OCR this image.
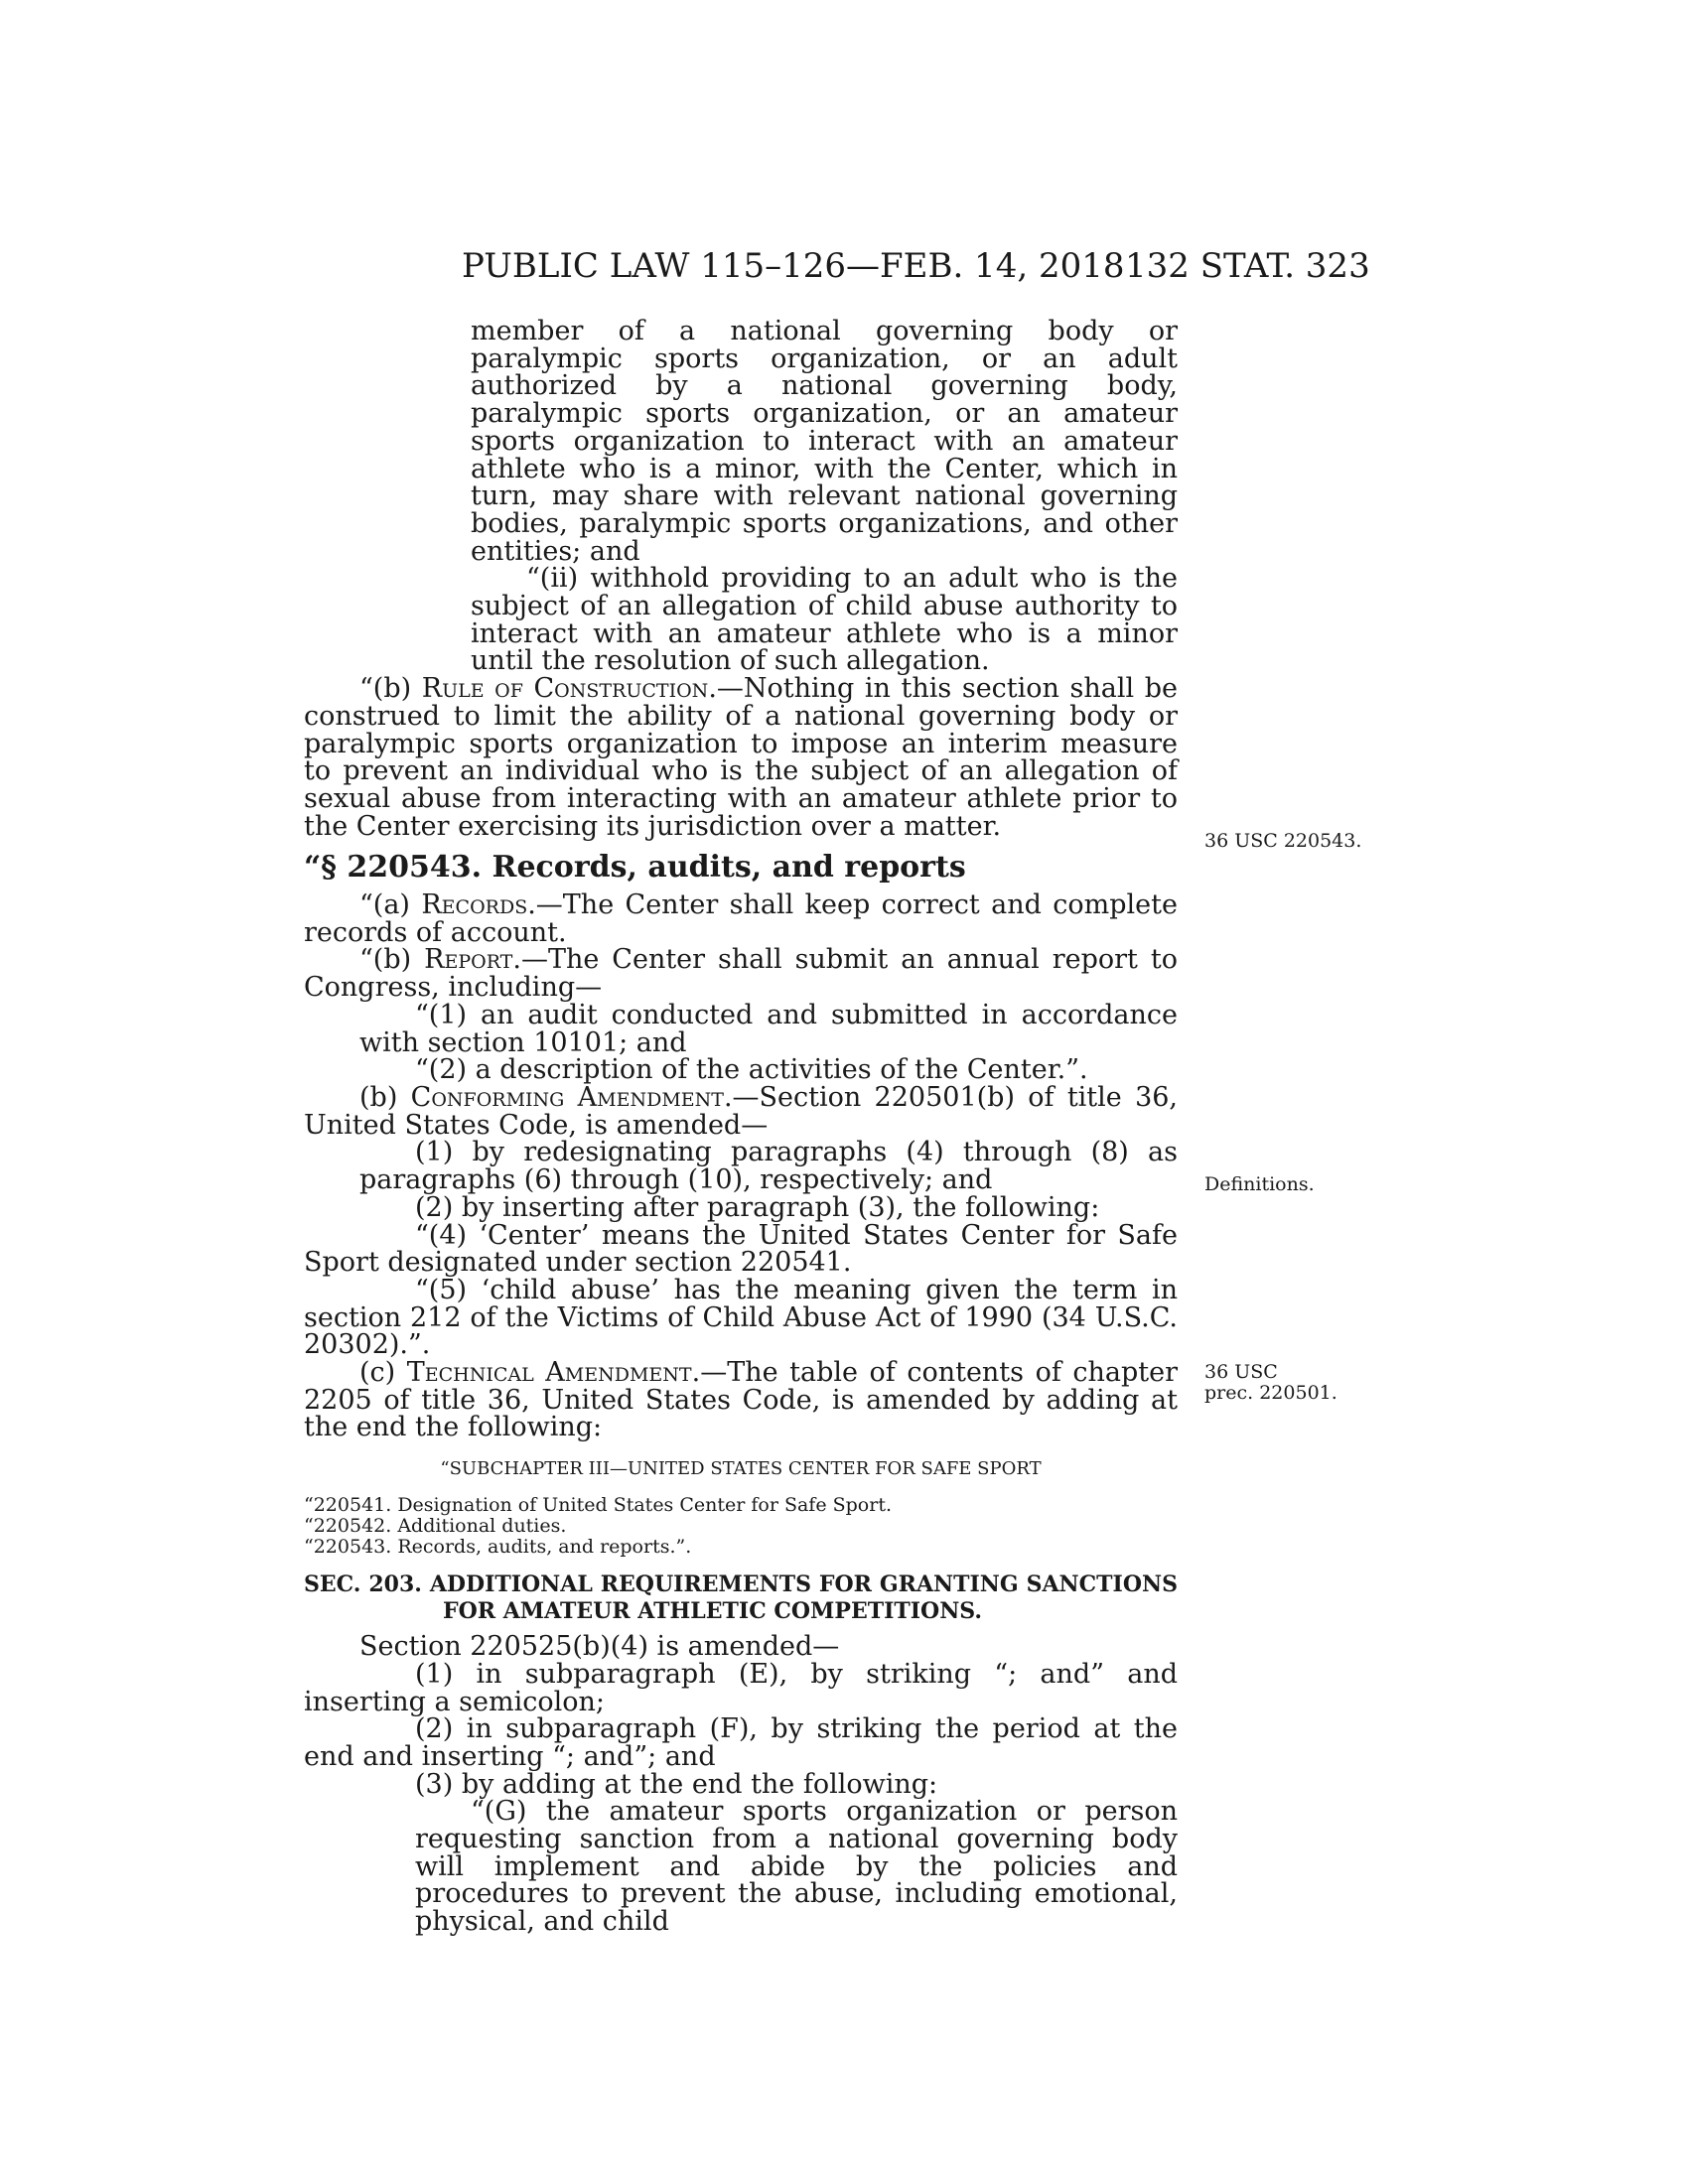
PUBLIC LAW 115–126—FEB. 14, 2018 132 STAT. 323

member of a national governing body or paralympic sports organization, or an adult authorized by a national governing body, paralympic sports organization, or an amateur sports organization to interact with an amateur athlete who is a minor, with the Center, which in turn, may share with relevant national governing bodies, paralympic sports organizations, and other entities; and

“(ii) withhold providing to an adult who is the subject of an allegation of child abuse authority to interact with an amateur athlete who is a minor until the resolution of such allegation.

“(b) Rule of Construction.—Nothing in this section shall be construed to limit the ability of a national governing body or paralympic sports organization to impose an interim measure to prevent an individual who is the subject of an allegation of sexual abuse from interacting with an amateur athlete prior to the Center exercising its jurisdiction over a matter.

“§ 220543. Records, audits, and reports

“(a) Records.—The Center shall keep correct and complete records of account.

“(b) Report.—The Center shall submit an annual report to Congress, including—

“(1) an audit conducted and submitted in accordance with section 10101; and

“(2) a description of the activities of the Center.”.

(b) Conforming Amendment.—Section 220501(b) of title 36, United States Code, is amended—

(1) by redesignating paragraphs (4) through (8) as paragraphs (6) through (10), respectively; and

(2) by inserting after paragraph (3), the following:

“(4) ‘Center’ means the United States Center for Safe Sport designated under section 220541.

“(5) ‘child abuse’ has the meaning given the term in section 212 of the Victims of Child Abuse Act of 1990 (34 U.S.C. 20302).”.

(c) Technical Amendment.—The table of contents of chapter 2205 of title 36, United States Code, is amended by adding at the end the following:

“SUBCHAPTER III—UNITED STATES CENTER FOR SAFE SPORT

“220541. Designation of United States Center for Safe Sport.

“220542. Additional duties.

“220543. Records, audits, and reports.”.

SEC. 203. ADDITIONAL REQUIREMENTS FOR GRANTING SANCTIONS FOR AMATEUR ATHLETIC COMPETITIONS.

Section 220525(b)(4) is amended—

(1) in subparagraph (E), by striking “; and” and inserting a semicolon;

(2) in subparagraph (F), by striking the period at the end and inserting “; and”; and

(3) by adding at the end the following:

“(G) the amateur sports organization or person requesting sanction from a national governing body will implement and abide by the policies and procedures to prevent the abuse, including emotional, physical, and child

36 USC 220543.
Definitions.
36 USC
prec. 220501.
